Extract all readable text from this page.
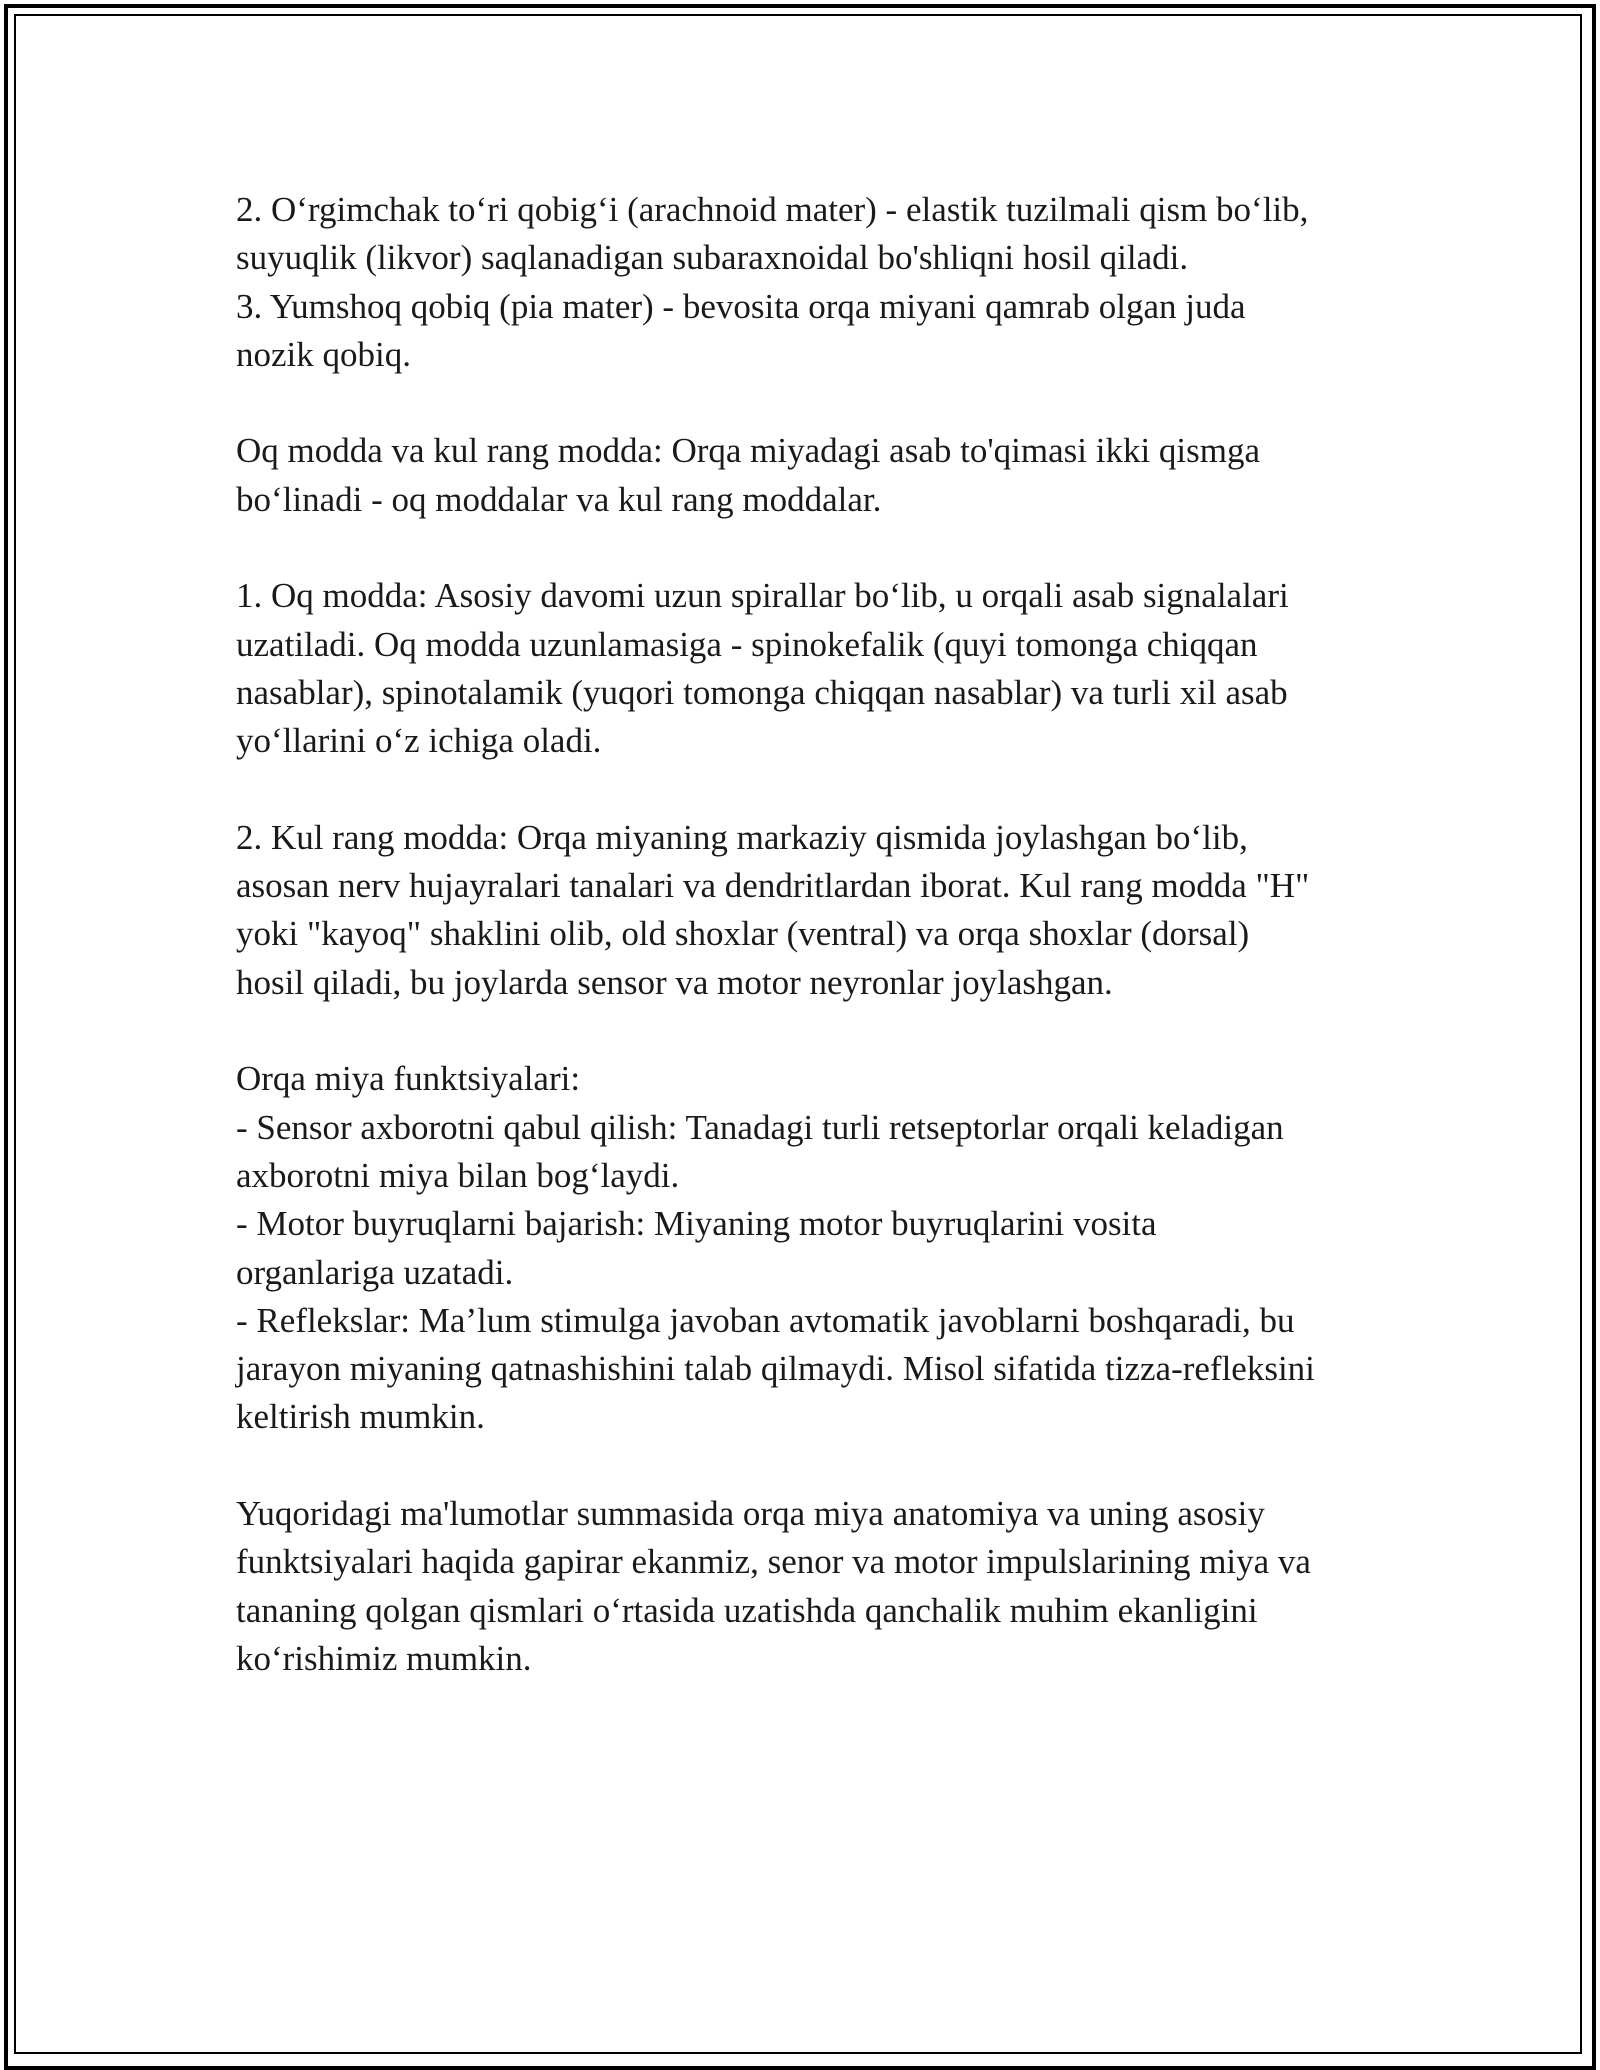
2. O‘rgimchak to‘ri qobig‘i (arachnoid mater) - elastik tuzilmali qism bo‘lib,
suyuqlik (likvor) saqlanadigan subaraxnoidal bo'shliqni hosil qiladi.
3. Yumshoq qobiq (pia mater) - bevosita orqa miyani qamrab olgan juda
nozik qobiq.

Oq modda va kul rang modda: Orqa miyadagi asab to'qimasi ikki qismga
bo‘linadi - oq moddalar va kul rang moddalar.

1. Oq modda: Asosiy davomi uzun spirallar bo‘lib, u orqali asab signalalari
uzatiladi. Oq modda uzunlamasiga - spinokefalik (quyi tomonga chiqqan
nasablar), spinotalamik (yuqori tomonga chiqqan nasablar) va turli xil asab
yo‘llarini o‘z ichiga oladi.

2. Kul rang modda: Orqa miyaning markaziy qismida joylashgan bo‘lib,
asosan nerv hujayralari tanalari va dendritlardan iborat. Kul rang modda "H"
yoki "kayoq" shaklini olib, old shoxlar (ventral) va orqa shoxlar (dorsal)
hosil qiladi, bu joylarda sensor va motor neyronlar joylashgan.

Orqa miya funktsiyalari:
- Sensor axborotni qabul qilish: Tanadagi turli retseptorlar orqali keladigan
axborotni miya bilan bog‘laydi.
- Motor buyruqlarni bajarish: Miyaning motor buyruqlarini vosita
organlariga uzatadi.
- Reflekslar: Ma’lum stimulga javoban avtomatik javoblarni boshqaradi, bu
jarayon miyaning qatnashishini talab qilmaydi. Misol sifatida tizza-refleksini
keltirish mumkin.

Yuqoridagi ma'lumotlar summasida orqa miya anatomiya va uning asosiy
funktsiyalari haqida gapirar ekanmiz, senor va motor impulslarining miya va
tananing qolgan qismlari o‘rtasida uzatishda qanchalik muhim ekanligini
ko‘rishimiz mumkin.
